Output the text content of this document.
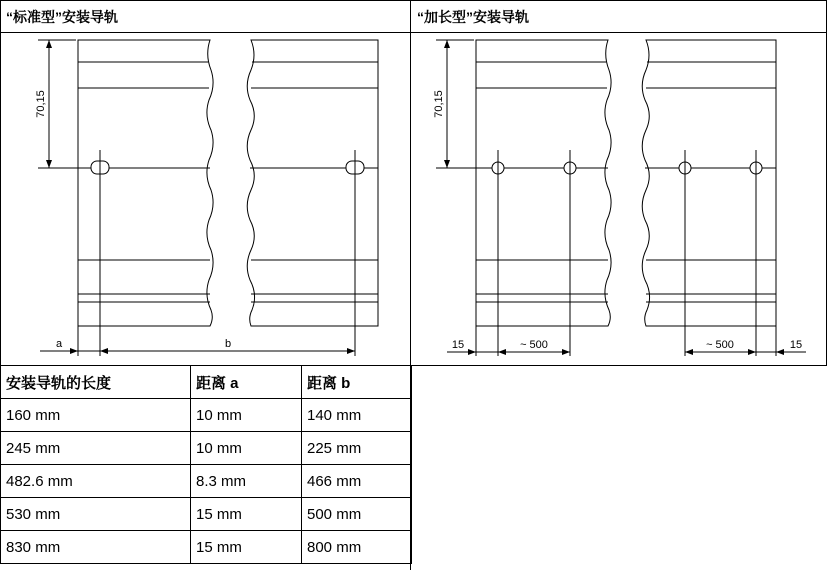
“标准型”安装导轨	“加长型”安装导轨
70,15
a	b
70,15
15	~ 500	~ 500	15
安装导轨的长度	距离 a	距离 b
160 mm	10 mm	140 mm
245 mm	10 mm	225 mm
482.6 mm	8.3 mm	466 mm
530 mm	15 mm	500 mm
830 mm	15 mm	800 mm
